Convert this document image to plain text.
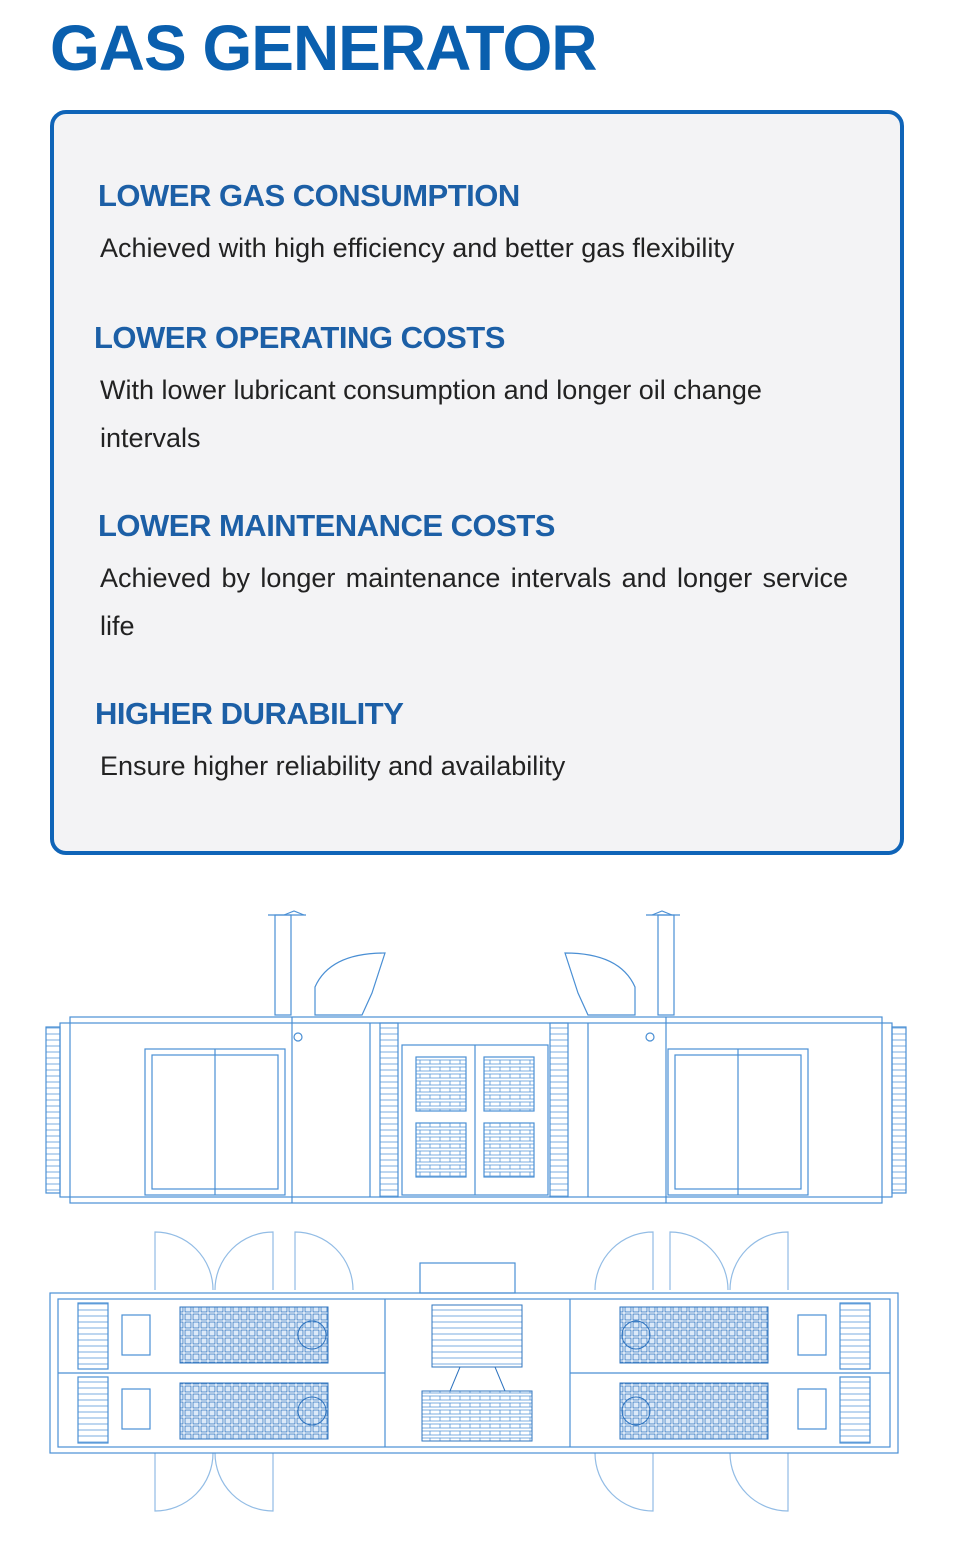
GAS GENERATOR
LOWER GAS CONSUMPTION

Achieved with high efficiency and better gas flexibility

LOWER OPERATING COSTS

With lower lubricant consumption and longer oil change intervals

LOWER MAINTENANCE COSTS

Achieved by longer maintenance intervals and longer service life

HIGHER DURABILITY

Ensure higher reliability and availability
